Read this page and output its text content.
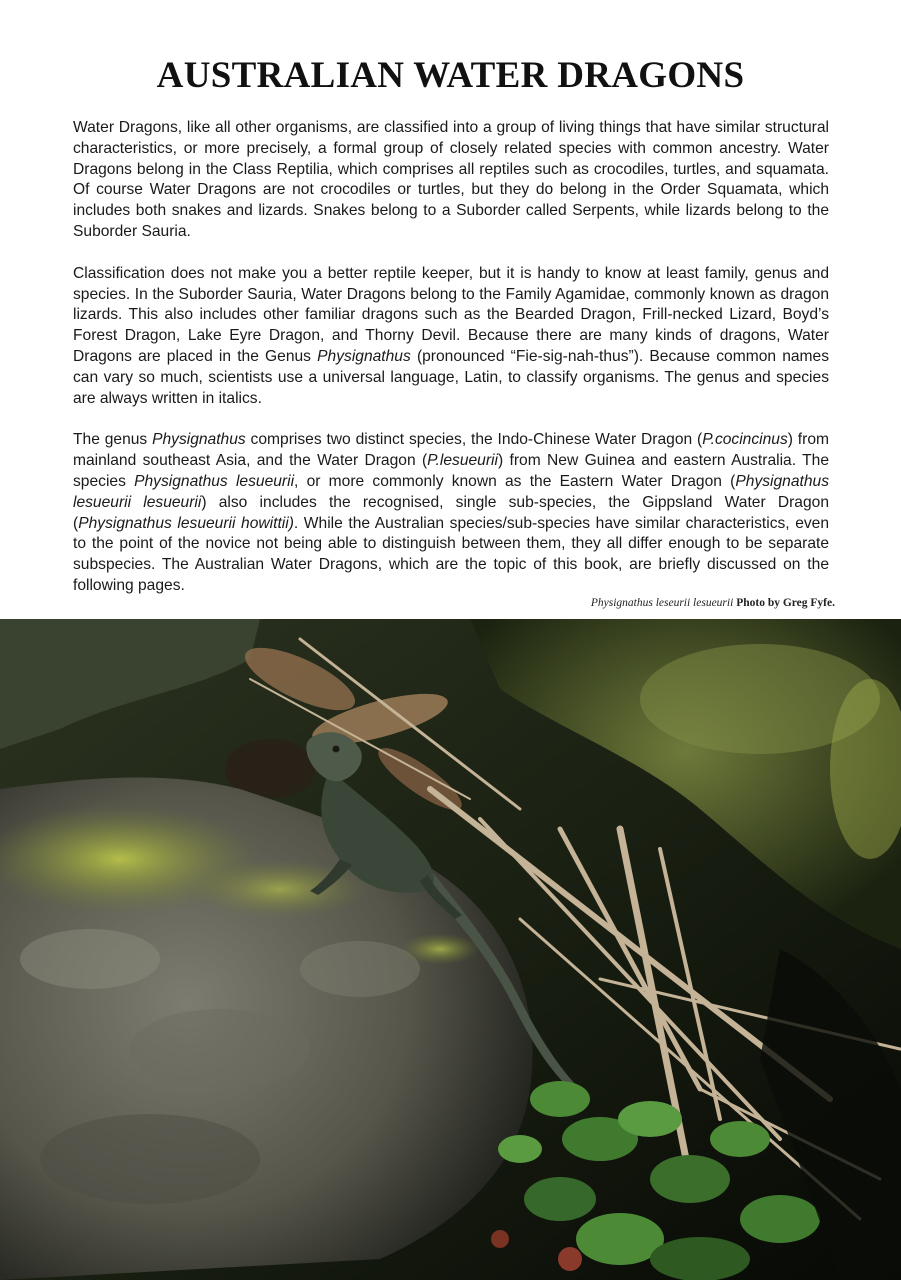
AUSTRALIAN WATER DRAGONS

Water Dragons, like all other organisms, are classified into a group of living things that have similar structural characteristics, or more precisely, a formal group of closely related species with common ancestry. Water Dragons belong in the Class Reptilia, which comprises all reptiles such as crocodiles, turtles, and squamata. Of course Water Dragons are not crocodiles or turtles, but they do belong in the Order Squamata, which includes both snakes and lizards. Snakes belong to a Suborder called Serpents, while lizards belong to the Suborder Sauria.

Classification does not make you a better reptile keeper, but it is handy to know at least family, genus and species. In the Suborder Sauria, Water Dragons belong to the Family Agamidae, commonly known as dragon lizards. This also includes other familiar dragons such as the Bearded Dragon, Frill-necked Lizard, Boyd’s Forest Dragon, Lake Eyre Dragon, and Thorny Devil. Because there are many kinds of dragons, Water Dragons are placed in the Genus Physignathus (pronounced “Fie-sig-nah-thus”). Because common names can vary so much, scientists use a universal language, Latin, to classify organisms. The genus and species are always written in italics.

The genus Physignathus comprises two distinct species, the Indo-Chinese Water Dragon (P.cocincinus) from mainland southeast Asia, and the Water Dragon (P.lesueurii) from New Guinea and eastern Australia. The species Physignathus lesueurii, or more commonly known as the Eastern Water Dragon (Physignathus lesueurii lesueurii) also includes the recognised, single sub-species, the Gippsland Water Dragon (Physignathus lesueurii howittii). While the Australian species/sub-species have similar characteristics, even to the point of the novice not being able to distinguish between them, they all differ enough to be separate subspecies. The Australian Water Dragons, which are the topic of this book, are briefly discussed on the following pages.

Physignathus leseurii lesueurii Photo by Greg Fyfe.
